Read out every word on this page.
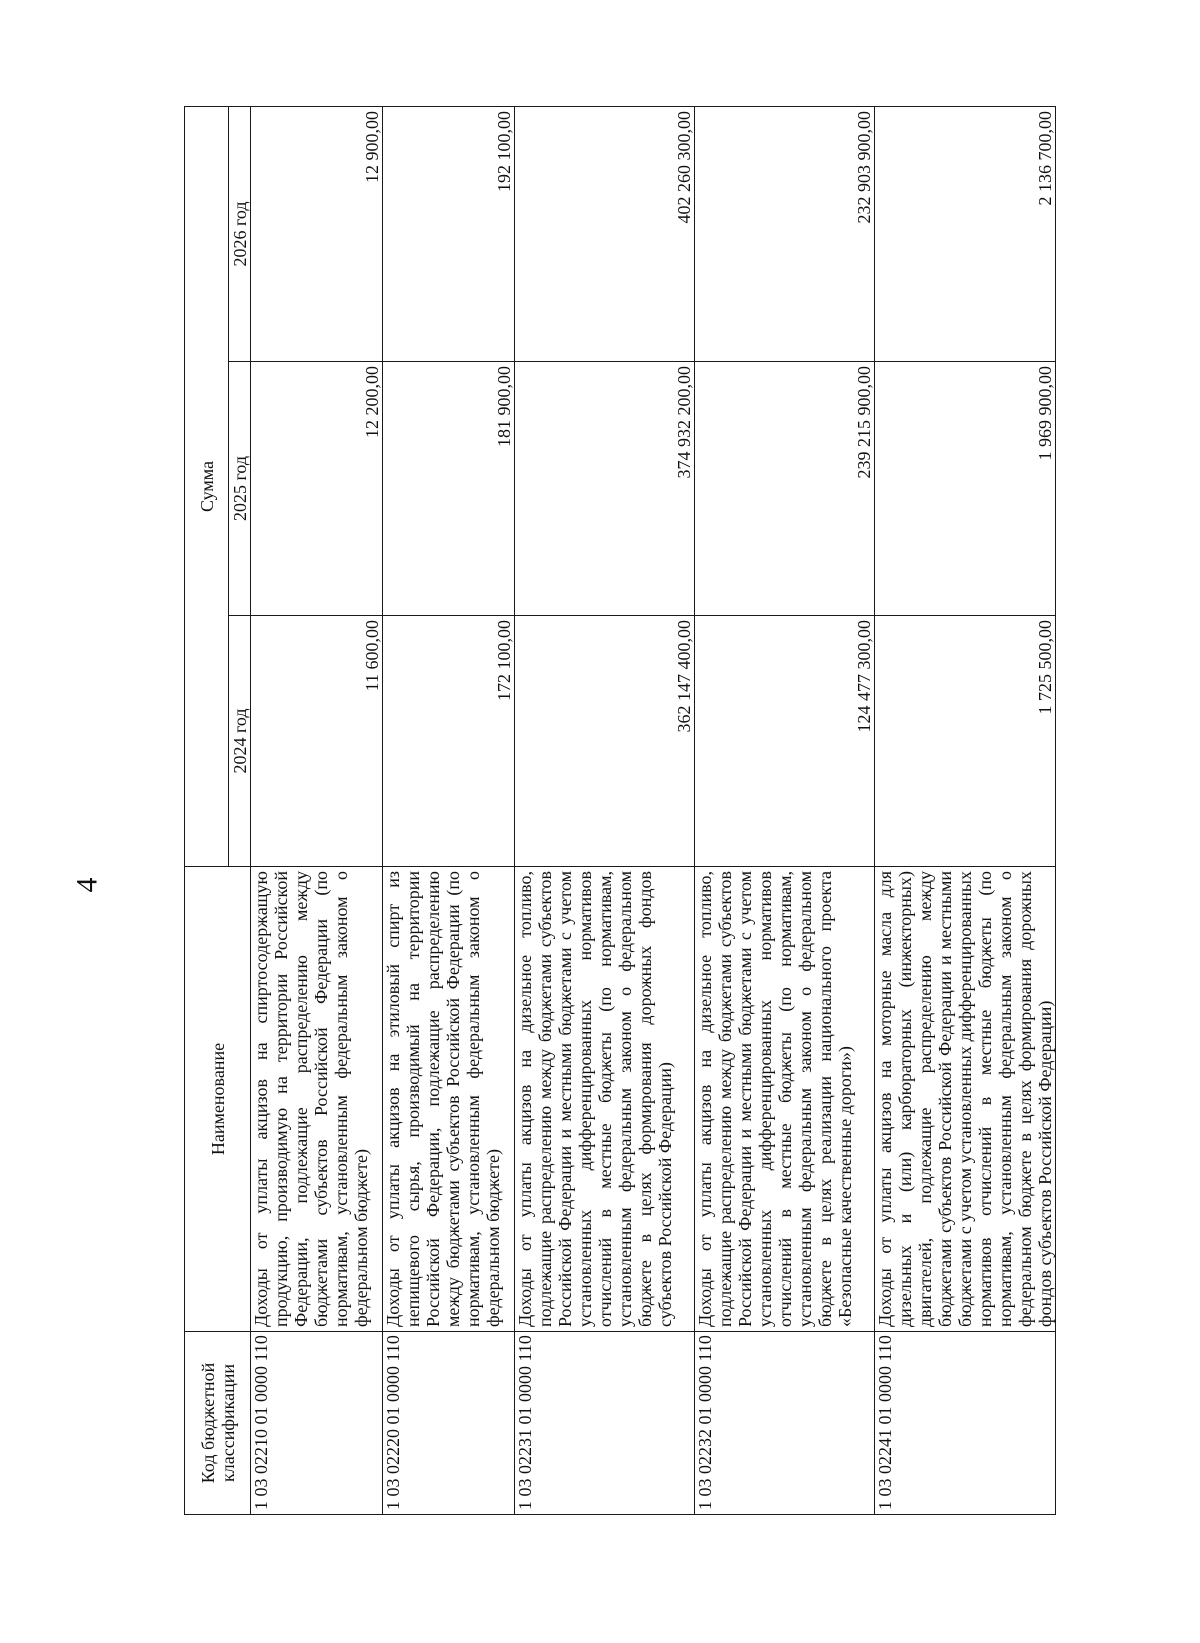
4
Код бюджетной классификации	Наименование	Сумма		
		2024 год	2025 год	2026 год
1 03 02210 01 0000 110	Доходы от уплаты акцизов на спиртосодержащую продукцию, производимую на территории Российской Федерации, подлежащие распределению между бюджетами субъектов Российской Федерации (по нормативам, установленным федеральным законом о федеральном бюджете)	11 600,00	12 200,00	12 900,00
1 03 02220 01 0000 110	Доходы от уплаты акцизов на этиловый спирт из непищевого сырья, производимый на территории Российской Федерации, подлежащие распределению между бюджетами субъектов Российской Федерации (по нормативам, установленным федеральным законом о федеральном бюджете)	172 100,00	181 900,00	192 100,00
1 03 02231 01 0000 110	Доходы от уплаты акцизов на дизельное топливо, подлежащие распределению между бюджетами субъектов Российской Федерации и местными бюджетами с учетом установленных дифференцированных нормативов отчислений в местные бюджеты (по нормативам, установленным федеральным законом о федеральном бюджете в целях формирования дорожных фондов субъектов Российской Федерации)	362 147 400,00	374 932 200,00	402 260 300,00
1 03 02232 01 0000 110	Доходы от уплаты акцизов на дизельное топливо, подлежащие распределению между бюджетами субъектов Российской Федерации и местными бюджетами с учетом установленных дифференцированных нормативов отчислений в местные бюджеты (по нормативам, установленным федеральным законом о федеральном бюджете в целях реализации национального проекта «Безопасные качественные дороги»)	124 477 300,00	239 215 900,00	232 903 900,00
1 03 02241 01 0000 110	Доходы от уплаты акцизов на моторные масла для дизельных и (или) карбюраторных (инжекторных) двигателей, подлежащие распределению между бюджетами субъектов Российской Федерации и местными бюджетами с учетом установленных дифференцированных нормативов отчислений в местные бюджеты (по нормативам, установленным федеральным законом о федеральном бюджете в целях формирования дорожных фондов субъектов Российской Федерации)	1 725 500,00	1 969 900,00	2 136 700,00
